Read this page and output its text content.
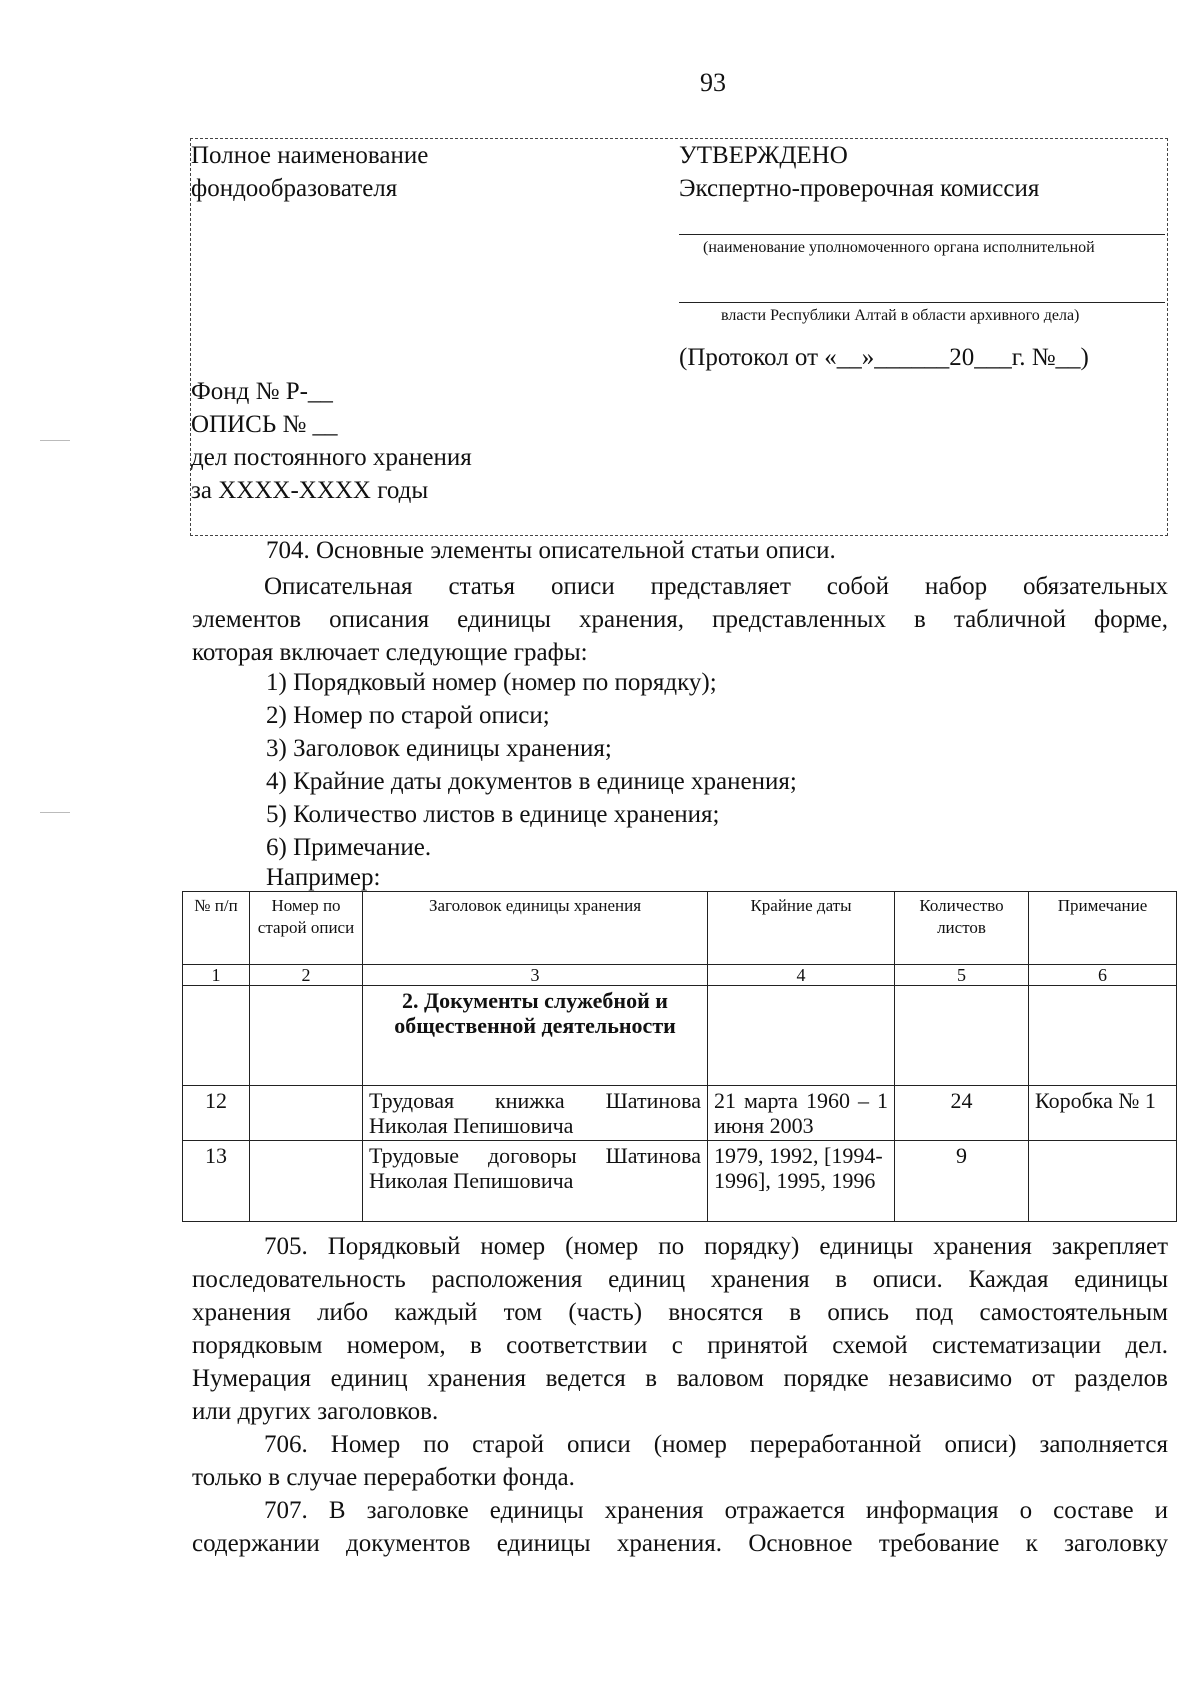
93
Полное наименование
фондообразователя
УТВЕРЖДЕНО
Экспертно-проверочная комиссия
(наименование уполномоченного органа исполнительной
власти Республики Алтай в области архивного дела)
(Протокол от «__»______20___г. №__)
Фонд № Р-__
ОПИСЬ № __
дел постоянного хранения
за XXXX-XXXX годы
704. Основные элементы описательной статьи описи.
Описательная статья описи представляет собой набор обязательных
элементов описания единицы хранения, представленных в табличной форме,
которая включает следующие графы:
1) Порядковый номер (номер по порядку);
2) Номер по старой описи;
3) Заголовок единицы хранения;
4) Крайние даты документов в единице хранения;
5) Количество листов в единице хранения;
6) Примечание.
Например:
№ п/п	Номер по старой описи	Заголовок единицы хранения	Крайние даты	Количество листов	Примечание
1	2	3	4	5	6
		2. Документы служебной и общественной деятельности			
12		Трудовая книжка Шатинова Николая Пепишовича	21 марта 1960 – 1 июня 2003	24	Коробка № 1
13		Трудовые договоры Шатинова Николая Пепишовича	1979, 1992, [1994-1996], 1995, 1996	9	
705. Порядковый номер (номер по порядку) единицы хранения закрепляет
последовательность расположения единиц хранения в описи. Каждая единицы
хранения либо каждый том (часть) вносятся в опись под самостоятельным
порядковым номером, в соответствии с принятой схемой систематизации дел.
Нумерация единиц хранения ведется в валовом порядке независимо от разделов
или других заголовков.
706. Номер по старой описи (номер переработанной описи) заполняется
только в случае переработки фонда.
707. В заголовке единицы хранения отражается информация о составе и
содержании документов единицы хранения. Основное требование к заголовку
